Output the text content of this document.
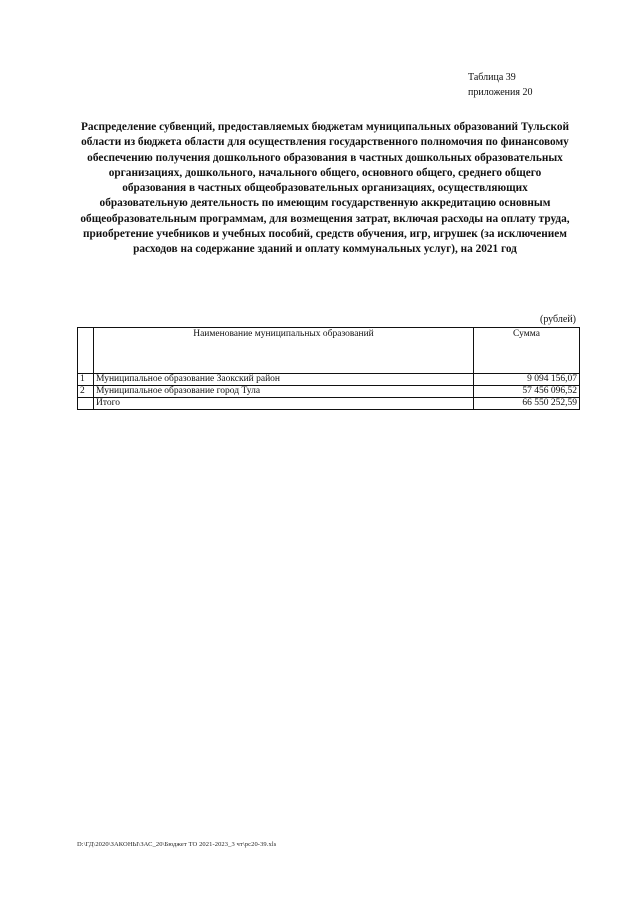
Таблица 39
приложения 20
Распределение субвенций, предоставляемых бюджетам муниципальных образований Тульской области из бюджета области для осуществления государственного полномочия по финансовому обеспечению получения дошкольного образования в частных дошкольных образовательных организациях, дошкольного, начального общего, основного общего, среднего общего образования в частных общеобразовательных организациях, осуществляющих образовательную деятельность по имеющим государственную аккредитацию основным общеобразовательным программам, для возмещения затрат, включая расходы на оплату труда, приобретение учебников и учебных пособий, средств обучения, игр, игрушек (за исключением расходов на содержание зданий и оплату коммунальных услуг), на 2021 год
(рублей)
	Наименование муниципальных образований	Сумма
1	Муниципальное образование Заокский район	9 094 156,07
2	Муниципальное образование город Тула	57 456 096,52
	Итого	66 550 252,59
D:\ГД\2020\ЗАКОНЫ\ЗАС_20\Бюджет ТО 2021-2023_3 чт\рс20-39.xls
